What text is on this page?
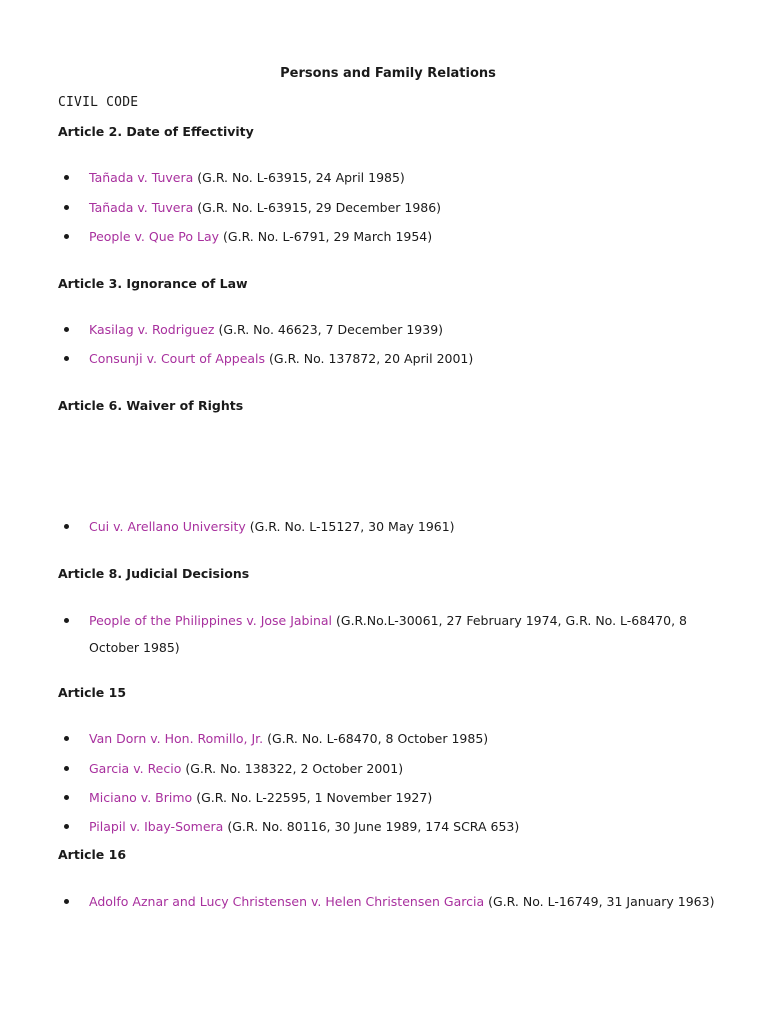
Persons and Family Relations
CIVIL CODE
Article 2. Date of Effectivity
Tañada v. Tuvera (G.R. No. L-63915, 24 April 1985)
Tañada v. Tuvera (G.R. No. L-63915, 29 December 1986)
People v. Que Po Lay (G.R. No. L-6791, 29 March 1954)
Article 3. Ignorance of Law
Kasilag v. Rodriguez (G.R. No. 46623, 7 December 1939)
Consunji v. Court of Appeals (G.R. No. 137872, 20 April 2001)
Article 6. Waiver of Rights
Cui v. Arellano University (G.R. No. L-15127, 30 May 1961)
Article 8. Judicial Decisions
People of the Philippines v. Jose Jabinal (G.R.No.L-30061, 27 February 1974, G.R. No. L-68470, 8 October 1985)
Article 15
Van Dorn v. Hon. Romillo, Jr. (G.R. No. L-68470, 8 October 1985)
Garcia v. Recio (G.R. No. 138322, 2 October 2001)
Miciano v. Brimo (G.R. No. L-22595, 1 November 1927)
Pilapil v. Ibay-Somera (G.R. No. 80116, 30 June 1989, 174 SCRA 653)
Article 16
Adolfo Aznar and Lucy Christensen v. Helen Christensen Garcia (G.R. No. L-16749, 31 January 1963)
